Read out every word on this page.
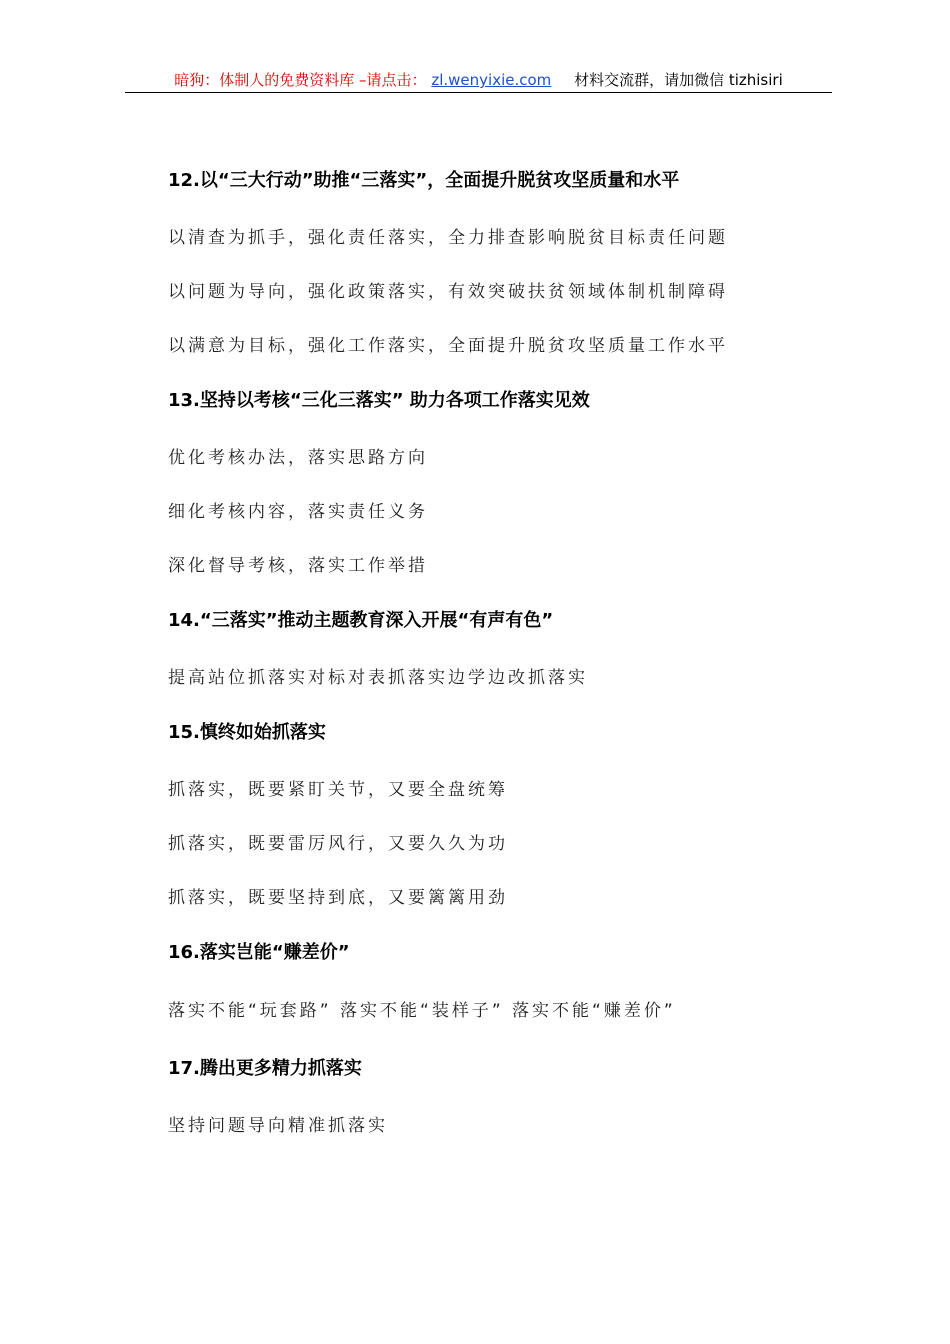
暗狗：体制人的免费资料库 –请点击： zl.wenyixie.com 材料交流群，请加微信 tizhisiri
12.以“三大行动”助推“三落实”，全面提升脱贫攻坚质量和水平
以清查为抓手，强化责任落实，全力排查影响脱贫目标责任问题
以问题为导向，强化政策落实，有效突破扶贫领域体制机制障碍
以满意为目标，强化工作落实，全面提升脱贫攻坚质量工作水平
13.坚持以考核“三化三落实” 助力各项工作落实见效
优化考核办法，落实思路方向
细化考核内容，落实责任义务
深化督导考核，落实工作举措
14.“三落实”推动主题教育深入开展“有声有色”
提高站位抓落实对标对表抓落实边学边改抓落实
15.慎终如始抓落实
抓落实，既要紧盯关节，又要全盘统筹
抓落实，既要雷厉风行，又要久久为功
抓落实，既要坚持到底，又要篱篱用劲
16.落实岂能“赚差价”
落实不能“玩套路” 落实不能“装样子” 落实不能“赚差价”
17.腾出更多精力抓落实
坚持问题导向精准抓落实
